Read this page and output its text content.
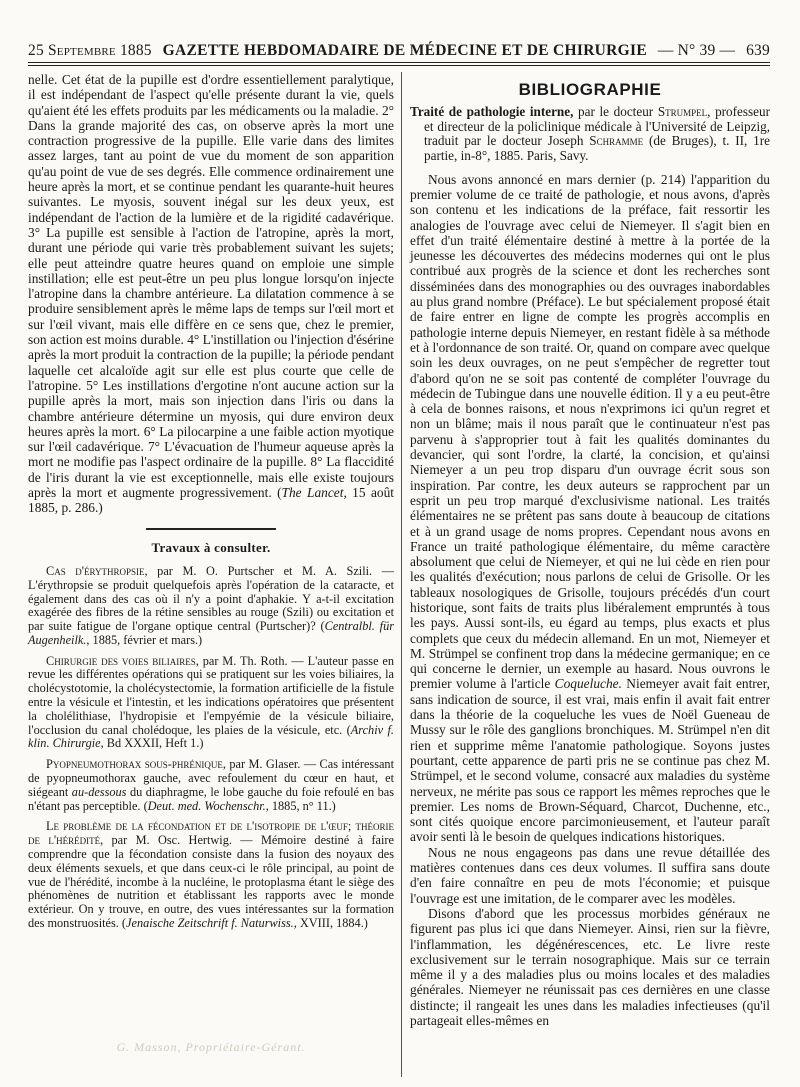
25 Septembre 1885 GAZETTE HEBDOMADAIRE DE MÉDECINE ET DE CHIRURGIE — N° 39 — 639

nelle. Cet état de la pupille est d'ordre essentiellement paralytique, il est indépendant de l'aspect qu'elle présente durant la vie, quels qu'aient été les effets produits par les médicaments ou la maladie. 2° Dans la grande majorité des cas, on observe après la mort une contraction progressive de la pupille. Elle varie dans des limites assez larges, tant au point de vue du moment de son apparition qu'au point de vue de ses degrés. Elle commence ordinairement une heure après la mort, et se continue pendant les quarante-huit heures suivantes. Le myosis, souvent inégal sur les deux yeux, est indépendant de l'action de la lumière et de la rigidité cadavérique. 3° La pupille est sensible à l'action de l'atropine, après la mort, durant une période qui varie très probablement suivant les sujets; elle peut atteindre quatre heures quand on emploie une simple instillation; elle est peut-être un peu plus longue lorsqu'on injecte l'atropine dans la chambre antérieure. La dilatation commence à se produire sensiblement après le même laps de temps sur l'œil mort et sur l'œil vivant, mais elle diffère en ce sens que, chez le premier, son action est moins durable. 4° L'instillation ou l'injection d'ésérine après la mort produit la contraction de la pupille; la période pendant laquelle cet alcaloïde agit sur elle est plus courte que celle de l'atropine. 5° Les instillations d'ergotine n'ont aucune action sur la pupille après la mort, mais son injection dans l'iris ou dans la chambre antérieure détermine un myosis, qui dure environ deux heures après la mort. 6° La pilocarpine a une faible action myotique sur l'œil cadavérique. 7° L'évacuation de l'humeur aqueuse après la mort ne modifie pas l'aspect ordinaire de la pupille. 8° La flaccidité de l'iris durant la vie est exceptionnelle, mais elle existe toujours après la mort et augmente progressivement. (The Lancet, 15 août 1885, p. 286.)

Travaux à consulter.

Cas d'érythropsie, par M. O. Purtscher et M. A. Szili. — L'érythropsie se produit quelquefois après l'opération de la cataracte, et également dans des cas où il n'y a point d'aphakie. Y a-t-il excitation exagérée des fibres de la rétine sensibles au rouge (Szili) ou excitation et par suite fatigue de l'organe optique central (Purtscher)? (Centralbl. für Augenheilk., 1885, février et mars.)

Chirurgie des voies biliaires, par M. Th. Roth. — L'auteur passe en revue les différentes opérations qui se pratiquent sur les voies biliaires, la cholécystotomie, la cholécystectomie, la formation artificielle de la fistule entre la vésicule et l'intestin, et les indications opératoires que présentent la cholélithiase, l'hydropisie et l'empyémie de la vésicule biliaire, l'occlusion du canal cholédoque, les plaies de la vésicule, etc. (Archiv f. klin. Chirurgie, Bd XXXII, Heft 1.)

Pyopneumothorax sous-phrénique, par M. Glaser. — Cas intéressant de pyopneumothorax gauche, avec refoulement du cœur en haut, et siégeant au-dessous du diaphragme, le lobe gauche du foie refoulé en bas n'étant pas perceptible. (Deut. med. Wochenschr., 1885, n° 11.)

Le problème de la fécondation et de l'isotropie de l'œuf; théorie de l'hérédité, par M. Osc. Hertwig. — Mémoire destiné à faire comprendre que la fécondation consiste dans la fusion des noyaux des deux éléments sexuels, et que dans ceux-ci le rôle principal, au point de vue de l'hérédité, incombe à la nucléine, le protoplasma étant le siège des phénomènes de nutrition et établissant les rapports avec le monde extérieur. On y trouve, en outre, des vues intéressantes sur la formation des monstruosités. (Jenaische Zeitschrift f. Naturwiss., XVIII, 1884.)

G. Masson, Propriétaire-Gérant.
BIBLIOGRAPHIE

Traité de pathologie interne, par le docteur Strumpel, professeur et directeur de la policlinique médicale à l'Université de Leipzig, traduit par le docteur Joseph Schramme (de Bruges), t. II, 1re partie, in-8°, 1885. Paris, Savy.

Nous avons annoncé en mars dernier (p. 214) l'apparition du premier volume de ce traité de pathologie, et nous avons, d'après son contenu et les indications de la préface, fait ressortir les analogies de l'ouvrage avec celui de Niemeyer. Il s'agit bien en effet d'un traité élémentaire destiné à mettre à la portée de la jeunesse les découvertes des médecins modernes qui ont le plus contribué aux progrès de la science et dont les recherches sont disséminées dans des monographies ou des ouvrages inabordables au plus grand nombre (Préface). Le but spécialement proposé était de faire entrer en ligne de compte les progrès accomplis en pathologie interne depuis Niemeyer, en restant fidèle à sa méthode et à l'ordonnance de son traité. Or, quand on compare avec quelque soin les deux ouvrages, on ne peut s'empêcher de regretter tout d'abord qu'on ne se soit pas contenté de compléter l'ouvrage du médecin de Tubingue dans une nouvelle édition. Il y a eu peut-être à cela de bonnes raisons, et nous n'exprimons ici qu'un regret et non un blâme; mais il nous paraît que le continuateur n'est pas parvenu à s'approprier tout à fait les qualités dominantes du devancier, qui sont l'ordre, la clarté, la concision, et qu'ainsi Niemeyer a un peu trop disparu d'un ouvrage écrit sous son inspiration. Par contre, les deux auteurs se rapprochent par un esprit un peu trop marqué d'exclusivisme national. Les traités élémentaires ne se prêtent pas sans doute à beaucoup de citations et à un grand usage de noms propres. Cependant nous avons en France un traité pathologique élémentaire, du même caractère absolument que celui de Niemeyer, et qui ne lui cède en rien pour les qualités d'exécution; nous parlons de celui de Grisolle. Or les tableaux nosologiques de Grisolle, toujours précédés d'un court historique, sont faits de traits plus libéralement empruntés à tous les pays. Aussi sont-ils, eu égard au temps, plus exacts et plus complets que ceux du médecin allemand. En un mot, Niemeyer et M. Strümpel se confinent trop dans la médecine germanique; en ce qui concerne le dernier, un exemple au hasard. Nous ouvrons le premier volume à l'article Coqueluche. Niemeyer avait fait entrer, sans indication de source, il est vrai, mais enfin il avait fait entrer dans la théorie de la coqueluche les vues de Noël Gueneau de Mussy sur le rôle des ganglions bronchiques. M. Strümpel n'en dit rien et supprime même l'anatomie pathologique. Soyons justes pourtant, cette apparence de parti pris ne se continue pas chez M. Strümpel, et le second volume, consacré aux maladies du système nerveux, ne mérite pas sous ce rapport les mêmes reproches que le premier. Les noms de Brown-Séquard, Charcot, Duchenne, etc., sont cités quoique encore parcimonieusement, et l'auteur paraît avoir senti là le besoin de quelques indications historiques.

Nous ne nous engageons pas dans une revue détaillée des matières contenues dans ces deux volumes. Il suffira sans doute d'en faire connaître en peu de mots l'économie; et puisque l'ouvrage est une imitation, de le comparer avec les modèles.

Disons d'abord que les processus morbides généraux ne figurent pas plus ici que dans Niemeyer. Ainsi, rien sur la fièvre, l'inflammation, les dégénérescences, etc. Le livre reste exclusivement sur le terrain nosographique. Mais sur ce terrain même il y a des maladies plus ou moins locales et des maladies générales. Niemeyer ne réunissait pas ces dernières en une classe distincte; il rangeait les unes dans les maladies infectieuses (qu'il partageait elles-mêmes en
